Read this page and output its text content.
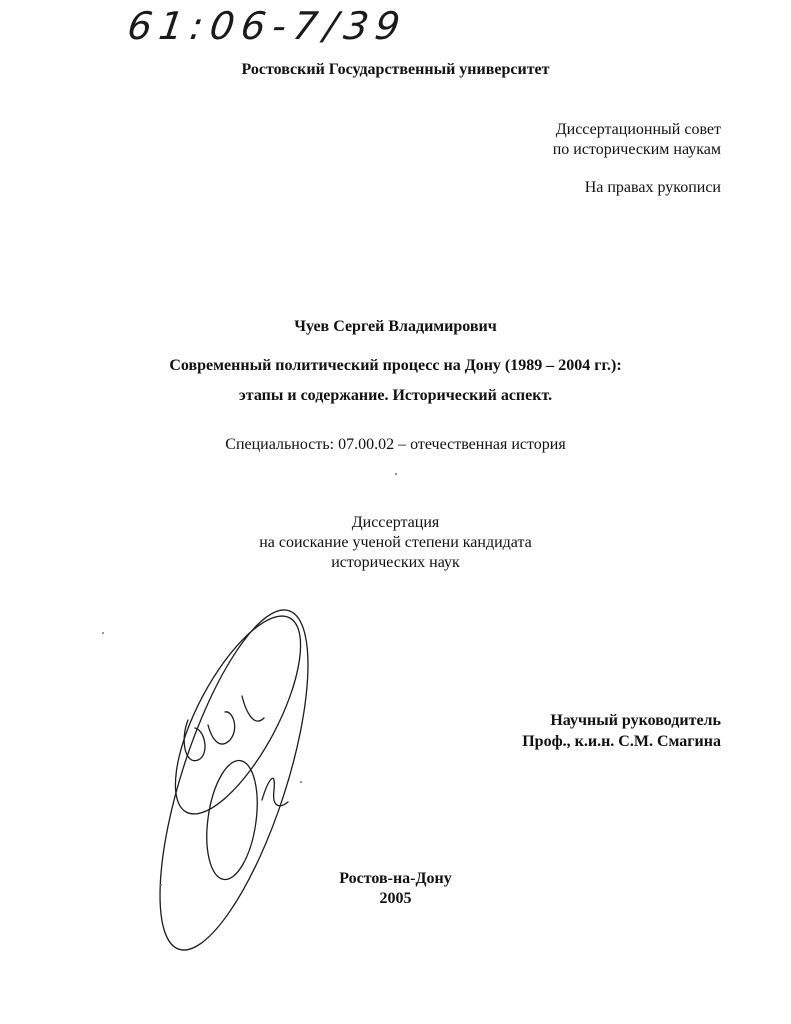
61:06-7/39
Ростовский Государственный университет
Диссертационный совет
по историческим наукам
На правах рукописи
Чуев Сергей Владимирович
Современный политический процесс на Дону (1989 – 2004 гг.):
этапы и содержание. Исторический аспект.
Специальность: 07.00.02 – отечественная история
Диссертация
на соискание ученой степени кандидата
исторических наук
Научный руководитель
Проф., к.и.н. С.М. Смагина
Ростов-на-Дону
2005
